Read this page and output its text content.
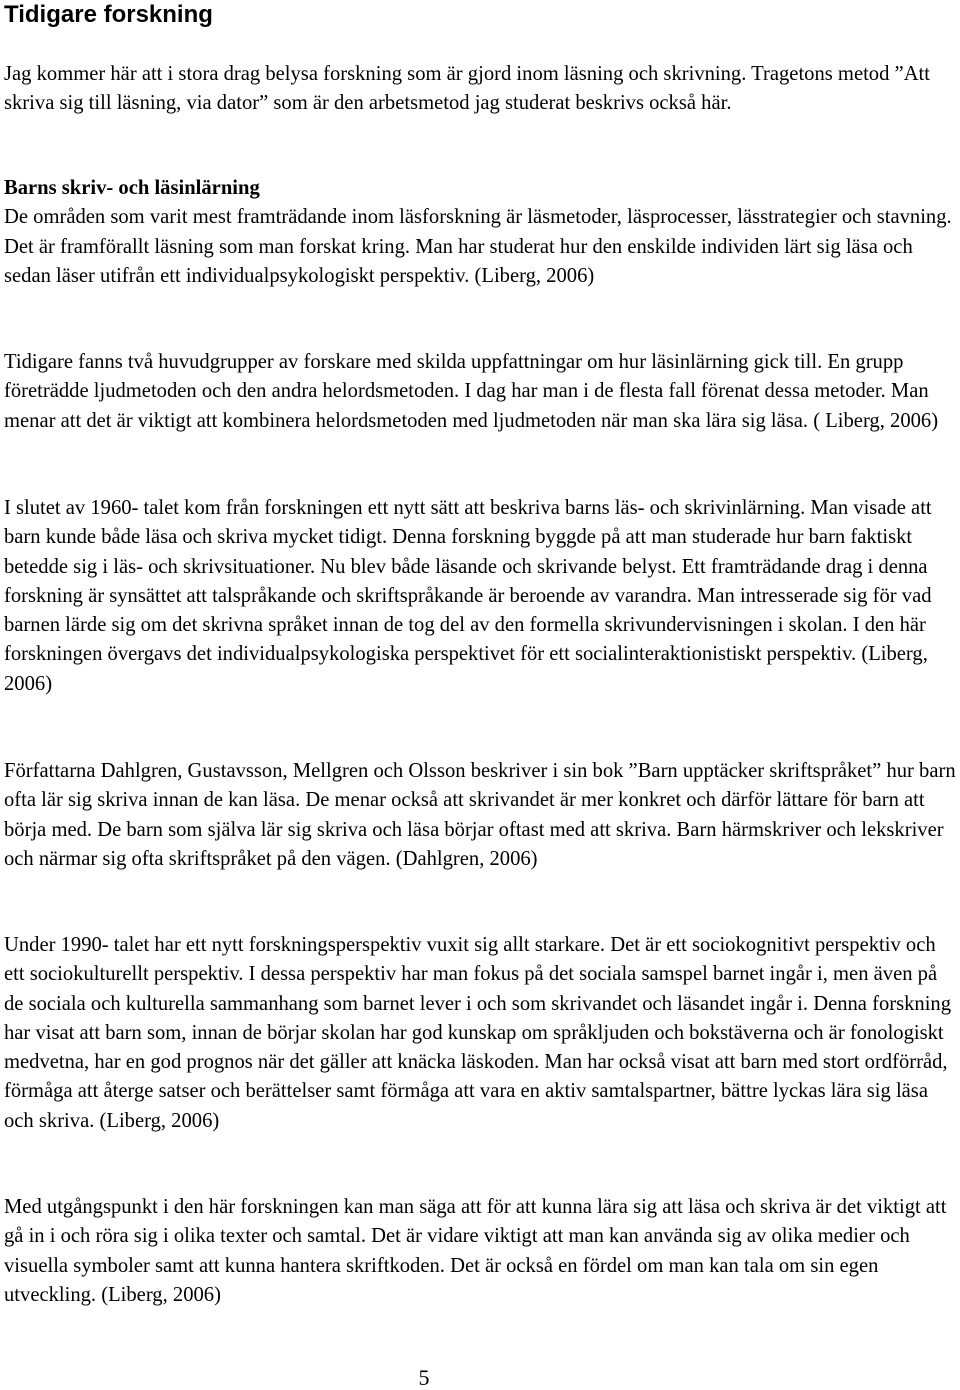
Tidigare forskning

Jag kommer här att i stora drag belysa forskning som är gjord inom läsning och skrivning. Tragetons metod ”Att skriva sig till läsning, via dator” som är den arbetsmetod jag studerat beskrivs också här.

Barns skriv- och läsinlärning
De områden som varit mest framträdande inom läsforskning är läsmetoder, läsprocesser, lässtrategier och stavning. Det är framförallt läsning som man forskat kring. Man har studerat hur den enskilde individen lärt sig läsa och sedan läser utifrån ett individualpsykologiskt perspektiv. (Liberg, 2006)

Tidigare fanns två huvudgrupper av forskare med skilda uppfattningar om hur läsinlärning gick till. En grupp företrädde ljudmetoden och den andra helordsmetoden. I dag har man i de flesta fall förenat dessa metoder. Man menar att det är viktigt att kombinera helordsmetoden med ljudmetoden när man ska lära sig läsa. ( Liberg, 2006)

I slutet av 1960- talet kom från forskningen ett nytt sätt att beskriva barns läs- och skrivinlärning. Man visade att barn kunde både läsa och skriva mycket tidigt. Denna forskning byggde på att man studerade hur barn faktiskt betedde sig i läs- och skrivsituationer. Nu blev både läsande och skrivande belyst. Ett framträdande drag i denna forskning är synsättet att talspråkande och skriftspråkande är beroende av varandra. Man intresserade sig för vad barnen lärde sig om det skrivna språket innan de tog del av den formella skrivundervisningen i skolan. I den här forskningen övergavs det individualpsykologiska perspektivet för ett socialinteraktionistiskt perspektiv. (Liberg, 2006)

Författarna Dahlgren, Gustavsson, Mellgren och Olsson beskriver i sin bok ”Barn upptäcker skriftspråket” hur barn ofta lär sig skriva innan de kan läsa. De menar också att skrivandet är mer konkret och därför lättare för barn att börja med. De barn som själva lär sig skriva och läsa börjar oftast med att skriva. Barn härmskriver och lekskriver och närmar sig ofta skriftspråket på den vägen. (Dahlgren, 2006)

Under 1990- talet har ett nytt forskningsperspektiv vuxit sig allt starkare. Det är ett sociokognitivt perspektiv och ett sociokulturellt perspektiv. I dessa perspektiv har man fokus på det sociala samspel barnet ingår i, men även på de sociala och kulturella sammanhang som barnet lever i och som skrivandet och läsandet ingår i. Denna forskning har visat att barn som, innan de börjar skolan har god kunskap om språkljuden och bokstäverna och är fonologiskt medvetna, har en god prognos när det gäller att knäcka läskoden. Man har också visat att barn med stort ordförråd, förmåga att återge satser och berättelser samt förmåga att vara en aktiv samtalspartner, bättre lyckas lära sig läsa och skriva. (Liberg, 2006)

Med utgångspunkt i den här forskningen kan man säga att för att kunna lära sig att läsa och skriva är det viktigt att gå in i och röra sig i olika texter och samtal. Det är vidare viktigt att man kan använda sig av olika medier och visuella symboler samt att kunna hantera skriftkoden. Det är också en fördel om man kan tala om sin egen utveckling. (Liberg, 2006)

5
